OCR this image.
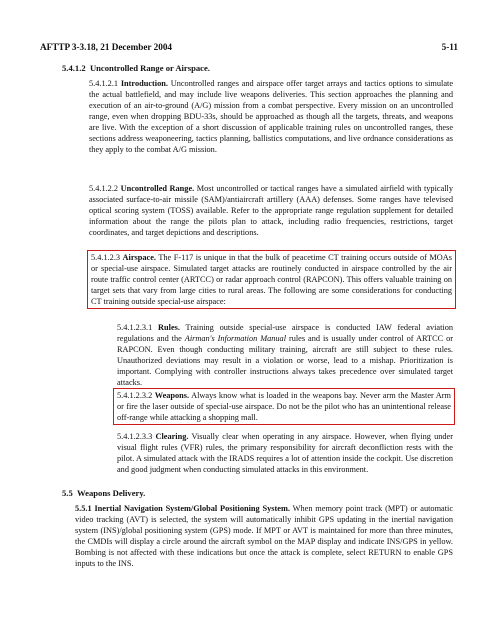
AFTTP 3-3.18, 21 December 2004	5-11

5.4.1.2 Uncontrolled Range or Airspace.

5.4.1.2.1 Introduction. Uncontrolled ranges and airspace offer target arrays and tactics options to simulate the actual battlefield, and may include live weapons deliveries. This section approaches the planning and execution of an air-to-ground (A/G) mission from a combat perspective. Every mission on an uncontrolled range, even when dropping BDU-33s, should be approached as though all the targets, threats, and weapons are live. With the exception of a short discussion of applicable training rules on uncontrolled ranges, these sections address weaponeering, tactics planning, ballistics computations, and live ordnance considerations as they apply to the combat A/G mission.

5.4.1.2.2 Uncontrolled Range. Most uncontrolled or tactical ranges have a simulated airfield with typically associated surface-to-air missile (SAM)/antiaircraft artillery (AAA) defenses. Some ranges have televised optical scoring system (TOSS) available. Refer to the appropriate range regulation supplement for detailed information about the range the pilots plan to attack, including radio frequencies, restrictions, target coordinates, and target depictions and descriptions.

5.4.1.2.3 Airspace. The F-117 is unique in that the bulk of peacetime CT training occurs outside of MOAs or special-use airspace. Simulated target attacks are routinely conducted in airspace controlled by the air route traffic control center (ARTCC) or radar approach control (RAPCON). This offers valuable training on target sets that vary from large cities to rural areas. The following are some considerations for conducting CT training outside special-use airspace:

5.4.1.2.3.1 Rules. Training outside special-use airspace is conducted IAW federal aviation regulations and the Airman's Information Manual rules and is usually under control of ARTCC or RAPCON. Even though conducting military training, aircraft are still subject to these rules. Unauthorized deviations may result in a violation or worse, lead to a mishap. Prioritization is important. Complying with controller instructions always takes precedence over simulated target attacks.

5.4.1.2.3.2 Weapons. Always know what is loaded in the weapons bay. Never arm the Master Arm or fire the laser outside of special-use airspace. Do not be the pilot who has an unintentional release off-range while attacking a shopping mall.

5.4.1.2.3.3 Clearing. Visually clear when operating in any airspace. However, when flying under visual flight rules (VFR) rules, the primary responsibility for aircraft deconfliction rests with the pilot. A simulated attack with the IRADS requires a lot of attention inside the cockpit. Use discretion and good judgment when conducting simulated attacks in this environment.

5.5 Weapons Delivery.

5.5.1 Inertial Navigation System/Global Positioning System. When memory point track (MPT) or automatic video tracking (AVT) is selected, the system will automatically inhibit GPS updating in the inertial navigation system (INS)/global positioning system (GPS) mode. If MPT or AVT is maintained for more than three minutes, the CMDIs will display a circle around the aircraft symbol on the MAP display and indicate INS/GPS in yellow. Bombing is not affected with these indications but once the attack is complete, select RETURN to enable GPS inputs to the INS.
